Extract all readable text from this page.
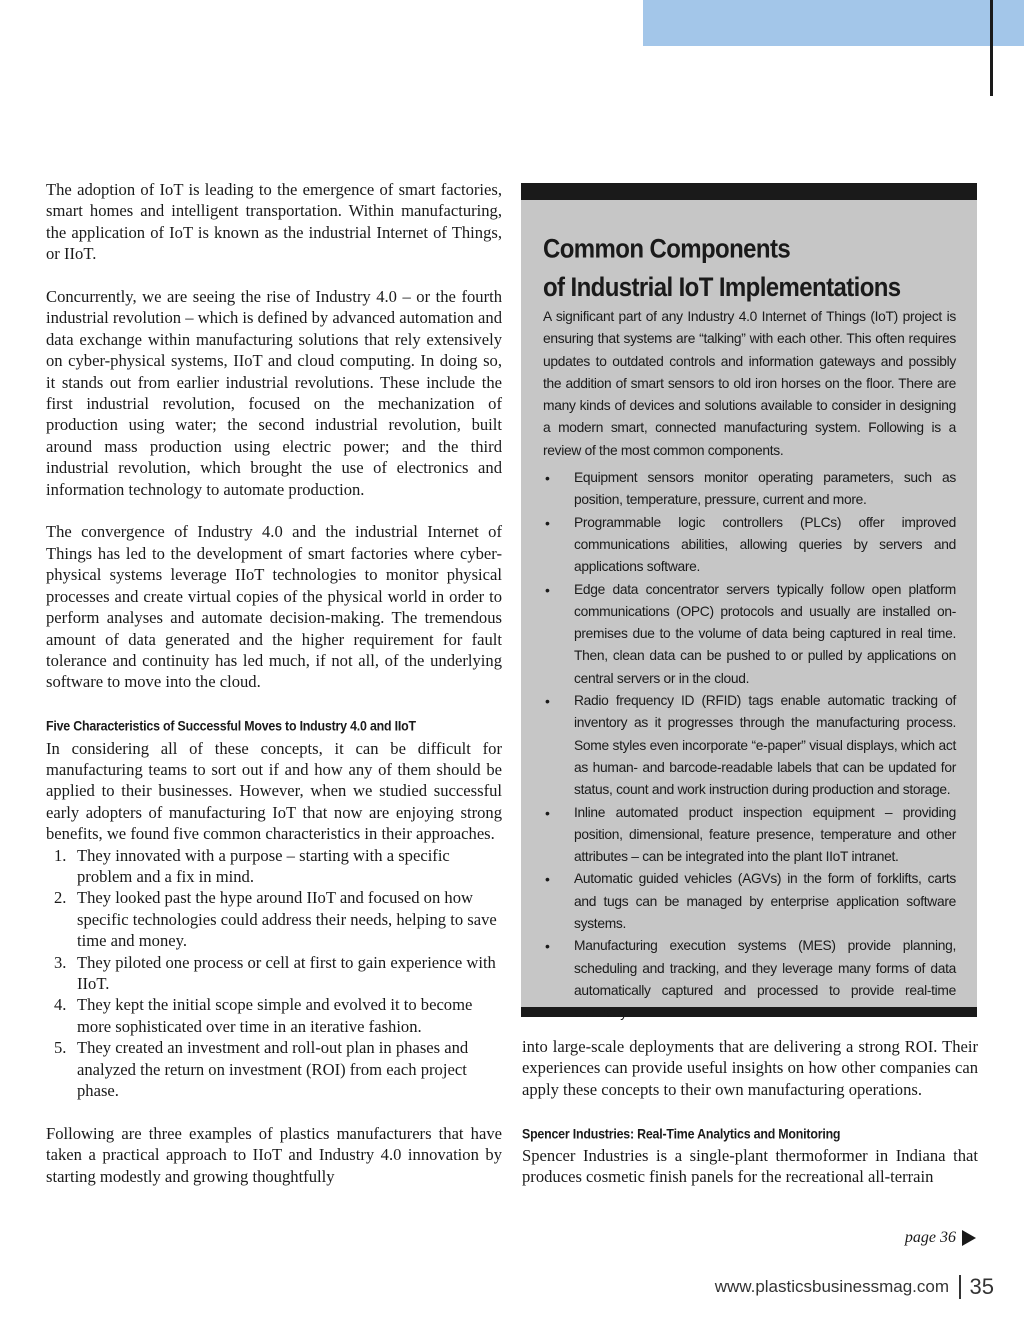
The adoption of IoT is leading to the emergence of smart factories, smart homes and intelligent transportation. Within manufacturing, the application of IoT is known as the industrial Internet of Things, or IIoT.

Concurrently, we are seeing the rise of Industry 4.0 – or the fourth industrial revolution – which is defined by advanced automation and data exchange within manufacturing solutions that rely extensively on cyber-physical systems, IIoT and cloud computing. In doing so, it stands out from earlier industrial revolutions. These include the first industrial revolution, focused on the mechanization of production using water; the second industrial revolution, built around mass production using electric power; and the third industrial revolution, which brought the use of electronics and information technology to automate production.

The convergence of Industry 4.0 and the industrial Internet of Things has led to the development of smart factories where cyber-physical systems leverage IIoT technologies to monitor physical processes and create virtual copies of the physical world in order to perform analyses and automate decision-making. The tremendous amount of data generated and the higher requirement for fault tolerance and continuity has led much, if not all, of the underlying software to move into the cloud.

Five Characteristics of Successful Moves to Industry 4.0 and IIoT

In considering all of these concepts, it can be difficult for manufacturing teams to sort out if and how any of them should be applied to their businesses. However, when we studied successful early adopters of manufacturing IoT that now are enjoying strong benefits, we found five common characteristics in their approaches.

1. They innovated with a purpose – starting with a specific problem and a fix in mind.
2. They looked past the hype around IIoT and focused on how specific technologies could address their needs, helping to save time and money.
3. They piloted one process or cell at first to gain experience with IIoT.
4. They kept the initial scope simple and evolved it to become more sophisticated over time in an iterative fashion.
5. They created an investment and roll-out plan in phases and analyzed the return on investment (ROI) from each project phase.

Following are three examples of plastics manufacturers that have taken a practical approach to IIoT and Industry 4.0 innovation by starting modestly and growing thoughtfully

Common Components
of Industrial IoT Implementations

A significant part of any Industry 4.0 Internet of Things (IoT) project is ensuring that systems are “talking” with each other. This often requires updates to outdated controls and information gateways and possibly the addition of smart sensors to old iron horses on the floor. There are many kinds of devices and solutions available to consider in designing a modern smart, connected manufacturing system. Following is a review of the most common components.

• Equipment sensors monitor operating parameters, such as position, temperature, pressure, current and more.
• Programmable logic controllers (PLCs) offer improved communications abilities, allowing queries by servers and applications software.
• Edge data concentrator servers typically follow open platform communications (OPC) protocols and usually are installed on-premises due to the volume of data being captured in real time. Then, clean data can be pushed to or pulled by applications on central servers or in the cloud.
• Radio frequency ID (RFID) tags enable automatic tracking of inventory as it progresses through the manufacturing process. Some styles even incorporate “e-paper” visual displays, which act as human- and barcode-readable labels that can be updated for status, count and work instruction during production and storage.
• Inline automated product inspection equipment – providing position, dimensional, feature presence, temperature and other attributes – can be integrated into the plant IIoT intranet.
• Automatic guided vehicles (AGVs) in the form of forklifts, carts and tugs can be managed by enterprise application software systems.
• Manufacturing execution systems (MES) provide planning, scheduling and tracking, and they leverage many forms of data automatically captured and processed to provide real-time accuracy.

into large-scale deployments that are delivering a strong ROI. Their experiences can provide useful insights on how other companies can apply these concepts to their own manufacturing operations.

Spencer Industries: Real-Time Analytics and Monitoring

Spencer Industries is a single-plant thermoformer in Indiana that produces cosmetic finish panels for the recreational all-terrain

page 36
www.plasticsbusinessmag.com 35
